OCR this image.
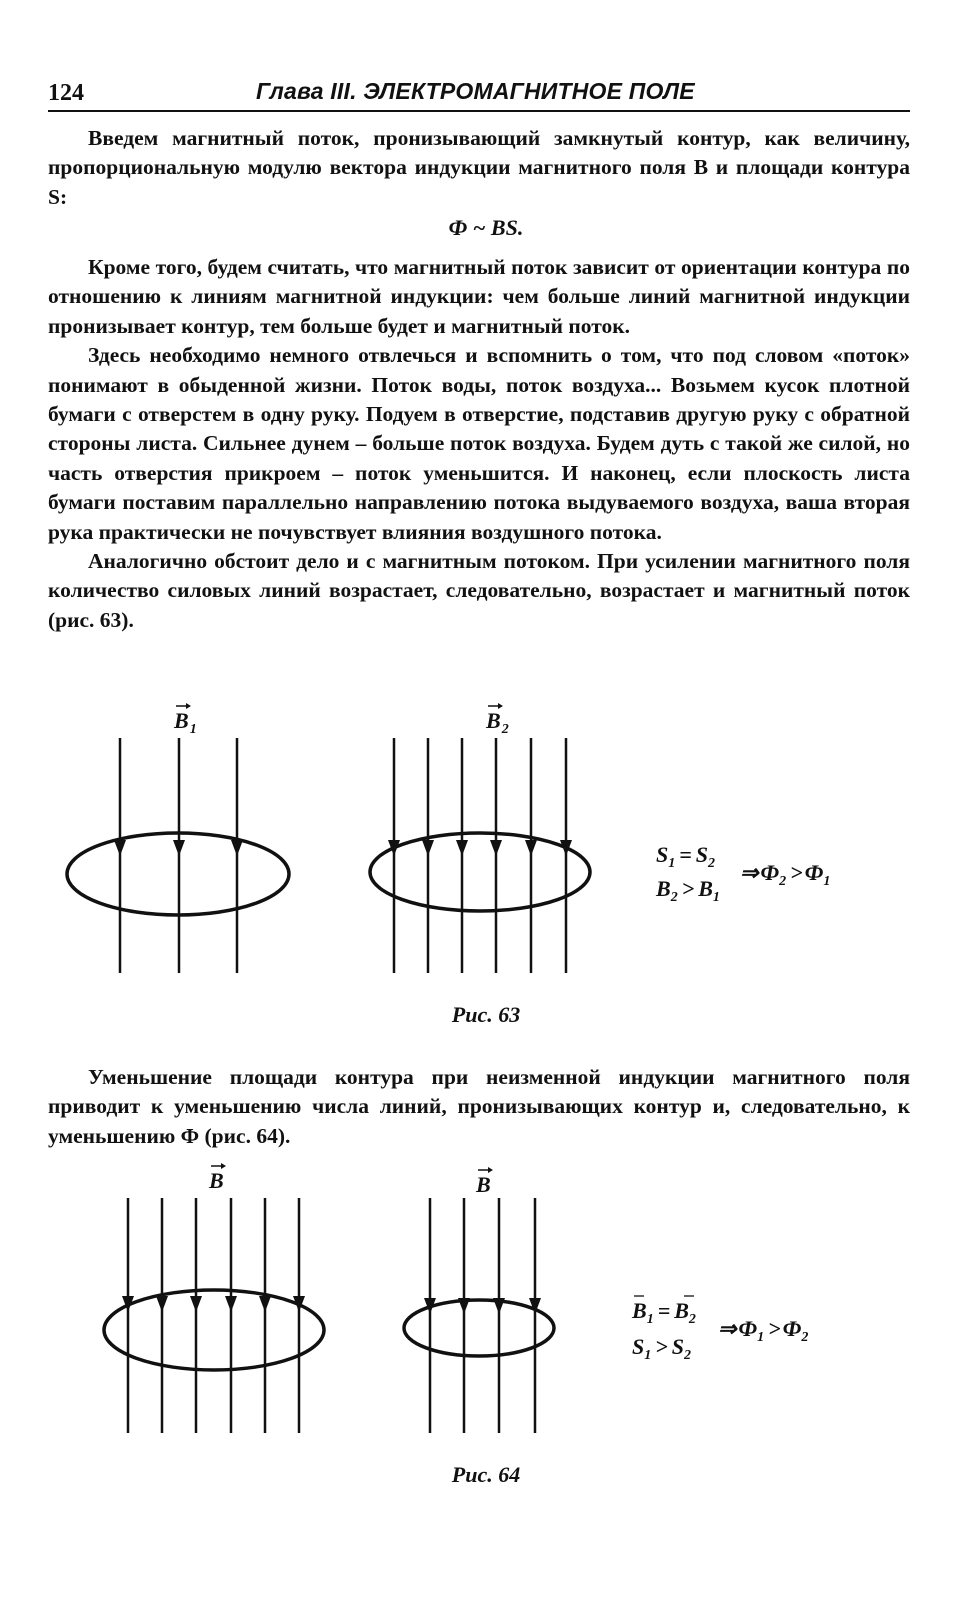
124	Глава III. ЭЛЕКТРОМАГНИТНОЕ ПОЛЕ

Введем магнитный поток, пронизывающий замкнутый контур, как величину, пропорциональную модулю вектора индукции магнитного поля B и площади контура S:

Ф ~ BS.

Кроме того, будем считать, что магнитный поток зависит от ориентации контура по отношению к линиям магнитной индукции: чем больше линий магнитной индукции пронизывает контур, тем больше будет и магнитный поток.

Здесь необходимо немного отвлечься и вспомнить о том, что под словом «поток» понимают в обыденной жизни. Поток воды, поток воздуха... Возьмем кусок плотной бумаги с отверстем в одну руку. Подуем в отверстие, подставив другую руку с обратной стороны листа. Сильнее дунем – больше поток воздуха. Будем дуть с такой же силой, но часть отверстия прикроем – поток уменьшится. И наконец, если плоскость листа бумаги поставим параллельно направлению потока выдуваемого воздуха, ваша вторая рука практически не почувствует влияния воздушного потока.

Аналогично обстоит дело и с магнитным потоком. При усилении магнитного поля количество силовых линий возрастает, следовательно, возрастает и магнитный поток (рис. 63).

$B_1$	$B_2$
$S_1 = S_2$
$B_2 > B_1$
$\Rightarrow Ф_2 >Ф_1$
Рис. 63

Уменьшение площади контура при неизменной индукции магнитного поля приводит к уменьшению числа линий, пронизывающих контур и, следовательно, к уменьшению Ф (рис. 64).

B	B
$B_1 = B_2$
$S_1 > S_2$
$\Rightarrow Ф_1 >Ф_2$
Рис. 64
